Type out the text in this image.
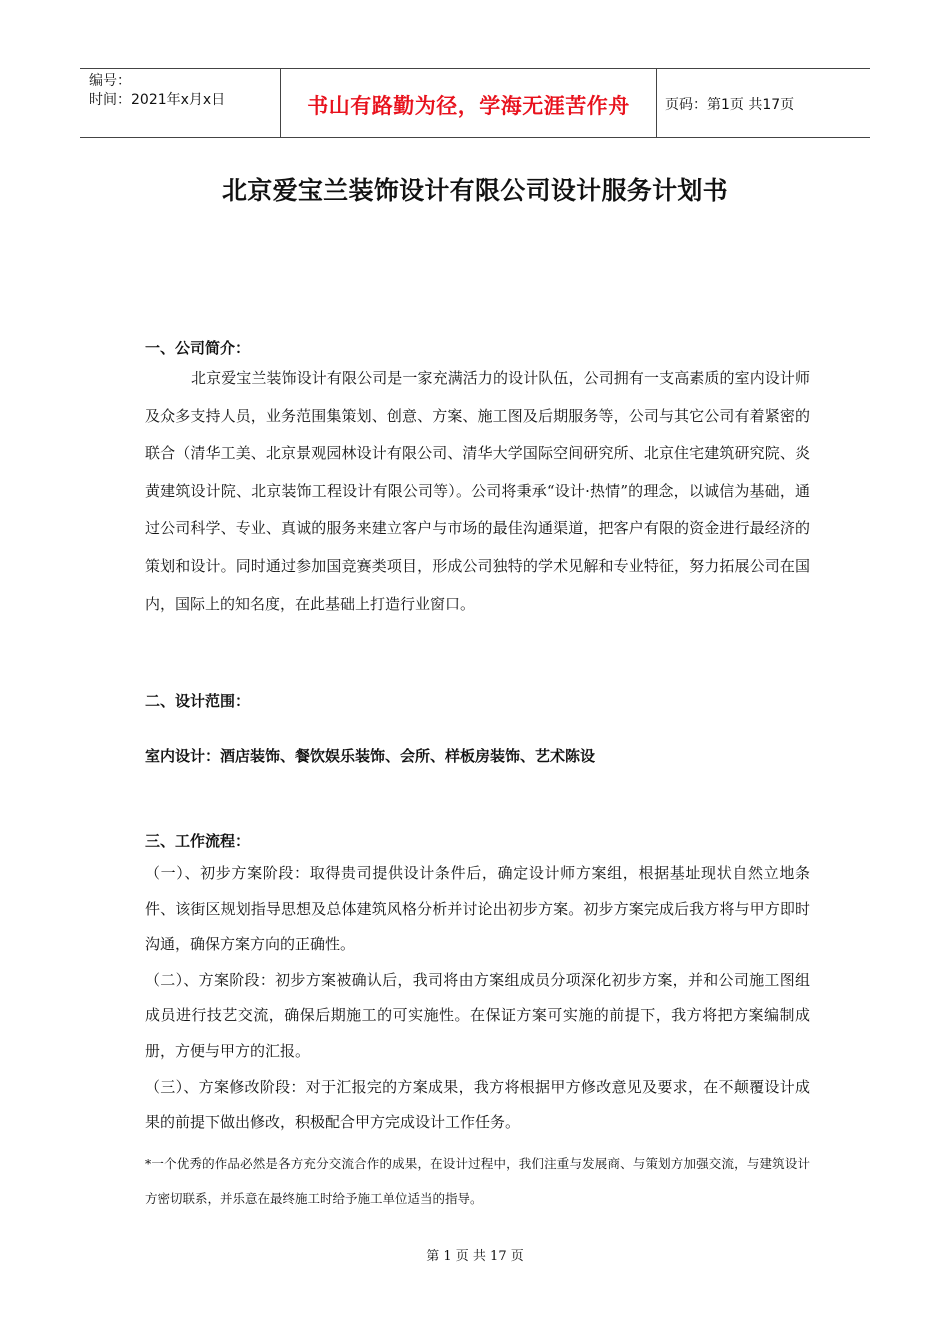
编号：
时间：2021年x月x日	书山有路勤为径，学海无涯苦作舟	页码：第1页 共17页
北京爱宝兰装饰设计有限公司设计服务计划书
一、公司简介：
北京爱宝兰装饰设计有限公司是一家充满活力的设计队伍，公司拥有一支高素质的室内设计师及众多支持人员，业务范围集策划、创意、方案、施工图及后期服务等，公司与其它公司有着紧密的联合（清华工美、北京景观园林设计有限公司、清华大学国际空间研究所、北京住宅建筑研究院、炎黄建筑设计院、北京装饰工程设计有限公司等）。公司将秉承“设计·热情”的理念，以诚信为基础，通过公司科学、专业、真诚的服务来建立客户与市场的最佳沟通渠道，把客户有限的资金进行最经济的策划和设计。同时通过参加国竞赛类项目，形成公司独特的学术见解和专业特征，努力拓展公司在国内，国际上的知名度，在此基础上打造行业窗口。
二、设计范围：
室内设计：酒店装饰、餐饮娱乐装饰、会所、样板房装饰、艺术陈设
三、工作流程：
（一）、初步方案阶段：取得贵司提供设计条件后，确定设计师方案组，根据基址现状自然立地条件、该街区规划指导思想及总体建筑风格分析并讨论出初步方案。初步方案完成后我方将与甲方即时沟通，确保方案方向的正确性。
（二）、方案阶段：初步方案被确认后，我司将由方案组成员分项深化初步方案，并和公司施工图组成员进行技艺交流，确保后期施工的可实施性。在保证方案可实施的前提下，我方将把方案编制成册，方便与甲方的汇报。
（三）、方案修改阶段：对于汇报完的方案成果，我方将根据甲方修改意见及要求，在不颠覆设计成果的前提下做出修改，积极配合甲方完成设计工作任务。
*一个优秀的作品必然是各方充分交流合作的成果，在设计过程中，我们注重与发展商、与策划方加强交流，与建筑设计方密切联系，并乐意在最终施工时给予施工单位适当的指导。
第 1 页 共 17 页
